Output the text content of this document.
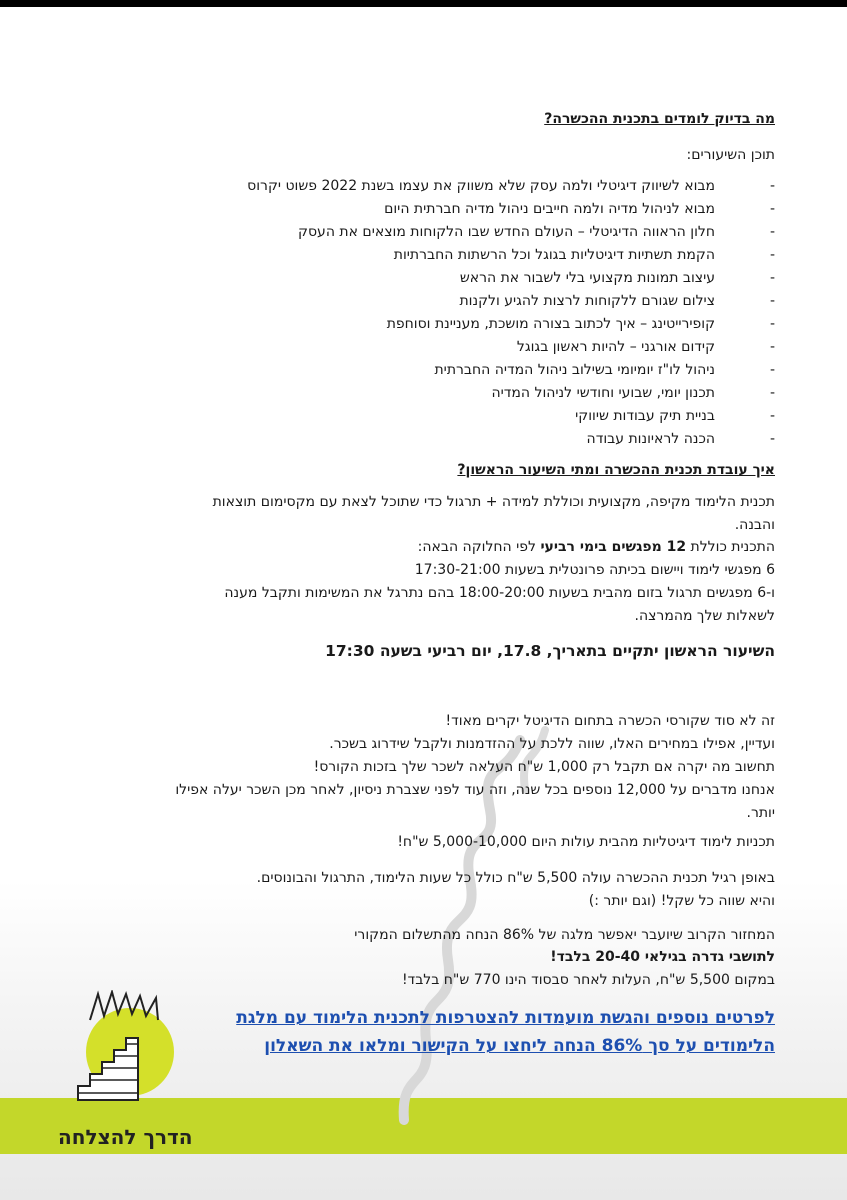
מה בדיוק לומדים בתכנית ההכשרה?
תוכן השיעורים:
מבוא לשיווק דיגיטלי ולמה עסק שלא משווק את עצמו בשנת 2022 פשוט יקרוס	-
מבוא לניהול מדיה ולמה חייבים ניהול מדיה חברתית היום	-
חלון הראווה הדיגיטלי – העולם החדש שבו הלקוחות מוצאים את העסק	-
הקמת תשתיות דיגיטליות בגוגל וכל הרשתות החברתיות	-
עיצוב תמונות מקצועי בלי לשבור את הראש	-
צילום שגורם ללקוחות לרצות להגיע ולקנות	-
קופירייטינג – איך לכתוב בצורה מושכת, מעניינת וסוחפת	-
קידום אורגני – להיות ראשון בגוגל	-
ניהול לו"ז יומיומי בשילוב ניהול המדיה החברתית	-
תכנון יומי, שבועי וחודשי לניהול המדיה	-
בניית תיק עבודות שיווקי	-
הכנה לראיונות עבודה	-
איך עובדת תכנית ההכשרה ומתי השיעור הראשון?
תכנית הלימוד מקיפה, מקצועית וכוללת למידה + תרגול כדי שתוכל לצאת עם מקסימום תוצאות
והבנה.
התכנית כוללת 12 מפגשים בימי רביעי לפי החלוקה הבאה:
6 מפגשי לימוד ויישום בכיתה פרונטלית בשעות 17:30-21:00
ו-6 מפגשים תרגול בזום מהבית בשעות 18:00-20:00 בהם נתרגל את המשימות ותקבל מענה
לשאלות שלך מהמרצה.
השיעור הראשון יתקיים בתאריך, 17.8, יום רביעי בשעה 17:30
זה לא סוד שקורסי הכשרה בתחום הדיגיטל יקרים מאוד!
ועדיין, אפילו במחירים האלו, שווה ללכת על ההזדמנות ולקבל שידרוג בשכר.
תחשוב מה יקרה אם תקבל רק 1,000 ש"ח העלאה לשכר שלך בזכות הקורס!
אנחנו מדברים על 12,000 נוספים בכל שנה, וזה עוד לפני שצברת ניסיון, לאחר מכן השכר יעלה אפילו
יותר.
תכניות לימוד דיגיטליות מהבית עולות היום 5,000-10,000 ש"ח!
באופן רגיל תכנית ההכשרה עולה 5,500 ש"ח כולל כל שעות הלימוד, התרגול והבונוסים.
והיא שווה כל שקל! (וגם יותר :)
המחזור הקרוב שיועבר יאפשר מלגה של 86% הנחה מהתשלום המקורי
לתושבי גדרה בגילאי 20-40 בלבד!
במקום 5,500 ש"ח, העלות לאחר סבסוד הינו 770 ש"ח בלבד!
לפרטים נוספים והגשת מועמדות להצטרפות לתכנית הלימוד עם מלגת
הלימודים על סך 86% הנחה ליחצו על הקישור ומלאו את השאלון
הדרך להצלחה
